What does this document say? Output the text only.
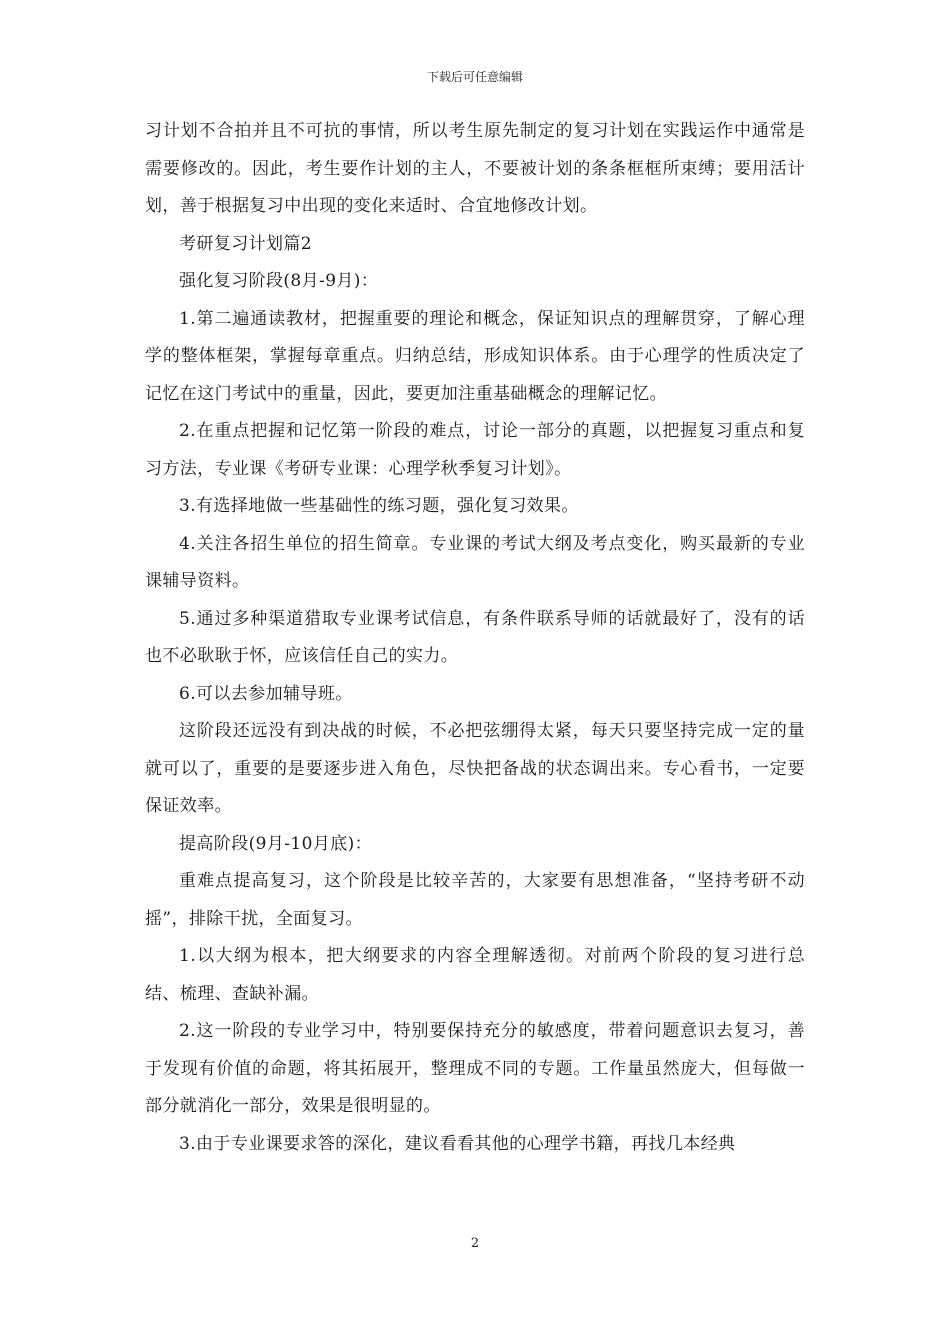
下载后可任意编辑

习计划不合拍并且不可抗的事情，所以考生原先制定的复习计划在实践运作中通常是需要修改的。因此，考生要作计划的主人，不要被计划的条条框框所束缚；要用活计划，善于根据复习中出现的变化来适时、合宜地修改计划。

考研复习计划篇2

强化复习阶段(8月-9月)：

1.第二遍通读教材，把握重要的理论和概念，保证知识点的理解贯穿，了解心理学的整体框架，掌握每章重点。归纳总结，形成知识体系。由于心理学的性质决定了记忆在这门考试中的重量，因此，要更加注重基础概念的理解记忆。

2.在重点把握和记忆第一阶段的难点，讨论一部分的真题，以把握复习重点和复习方法，专业课《考研专业课：心理学秋季复习计划》。

3.有选择地做一些基础性的练习题，强化复习效果。

4.关注各招生单位的招生简章。专业课的考试大纲及考点变化，购买最新的专业课辅导资料。

5.通过多种渠道猎取专业课考试信息，有条件联系导师的话就最好了，没有的话也不必耿耿于怀，应该信任自己的实力。

6.可以去参加辅导班。

这阶段还远没有到决战的时候，不必把弦绷得太紧，每天只要坚持完成一定的量就可以了，重要的是要逐步进入角色，尽快把备战的状态调出来。专心看书，一定要保证效率。

提高阶段(9月-10月底)：

重难点提高复习，这个阶段是比较辛苦的，大家要有思想准备，“坚持考研不动摇”，排除干扰，全面复习。

1.以大纲为根本，把大纲要求的内容全理解透彻。对前两个阶段的复习进行总结、梳理、查缺补漏。

2.这一阶段的专业学习中，特别要保持充分的敏感度，带着问题意识去复习，善于发现有价值的命题，将其拓展开，整理成不同的专题。工作量虽然庞大，但每做一部分就消化一部分，效果是很明显的。

3.由于专业课要求答的深化，建议看看其他的心理学书籍，再找几本经典

2
